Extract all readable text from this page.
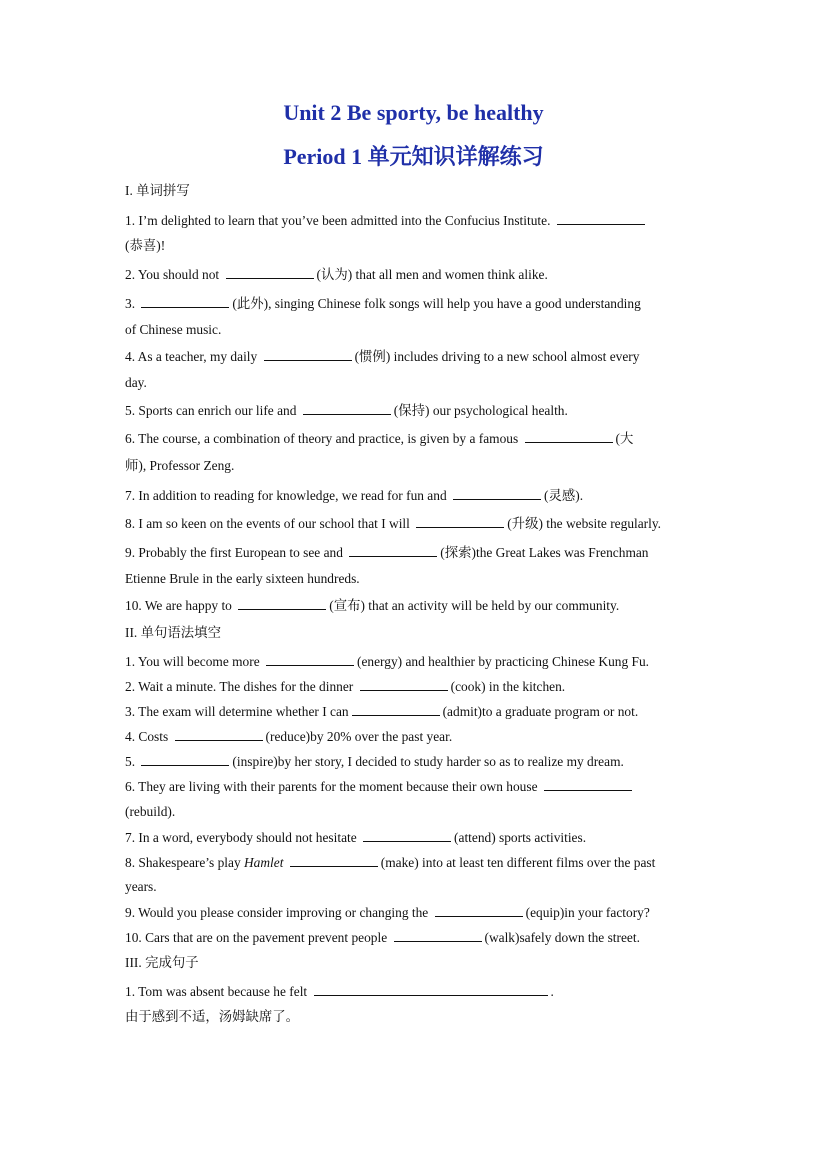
Unit 2 Be sporty, be healthy
Period 1 单元知识详解练习
I. 单词拼写
1. I’m delighted to learn that you’ve been admitted into the Confucius Institute.
(恭喜)!
2. You should not	(认为) that all men and women think alike.
3.	(此外), singing Chinese folk songs will help you have a good understanding
of Chinese music.
4. As a teacher, my daily	(惯例) includes driving to a new school almost every
day.
5. Sports can enrich our life and	(保持) our psychological health.
6. The course, a combination of theory and practice, is given by a famous	(大
师), Professor Zeng.
7. In addition to reading for knowledge, we read for fun and	(灵感).
8. I am so keen on the events of our school that I will	(升级) the website regularly.
9. Probably the first European to see and	(探索)the Great Lakes was Frenchman
Etienne Brule in the early sixteen hundreds.
10. We are happy to	(宣布) that an activity will be held by our community.
II. 单句语法填空
1. You will become more	(energy) and healthier by practicing Chinese Kung Fu.
2. Wait a minute. The dishes for the dinner	(cook) in the kitchen.
3. The exam will determine whether I can	(admit)to a graduate program or not.
4. Costs	(reduce)by 20% over the past year.
5.	(inspire)by her story, I decided to study harder so as to realize my dream.
6. They are living with their parents for the moment because their own house
(rebuild).
7. In a word, everybody should not hesitate	(attend) sports activities.
8. Shakespeare’s play Hamlet	(make) into at least ten different films over the past
years.
9. Would you please consider improving or changing the	(equip)in your factory?
10. Cars that are on the pavement prevent people	(walk)safely down the street.
III. 完成句子
1. Tom was absent because he felt	.
由于感到不适，汤姆缺席了。
